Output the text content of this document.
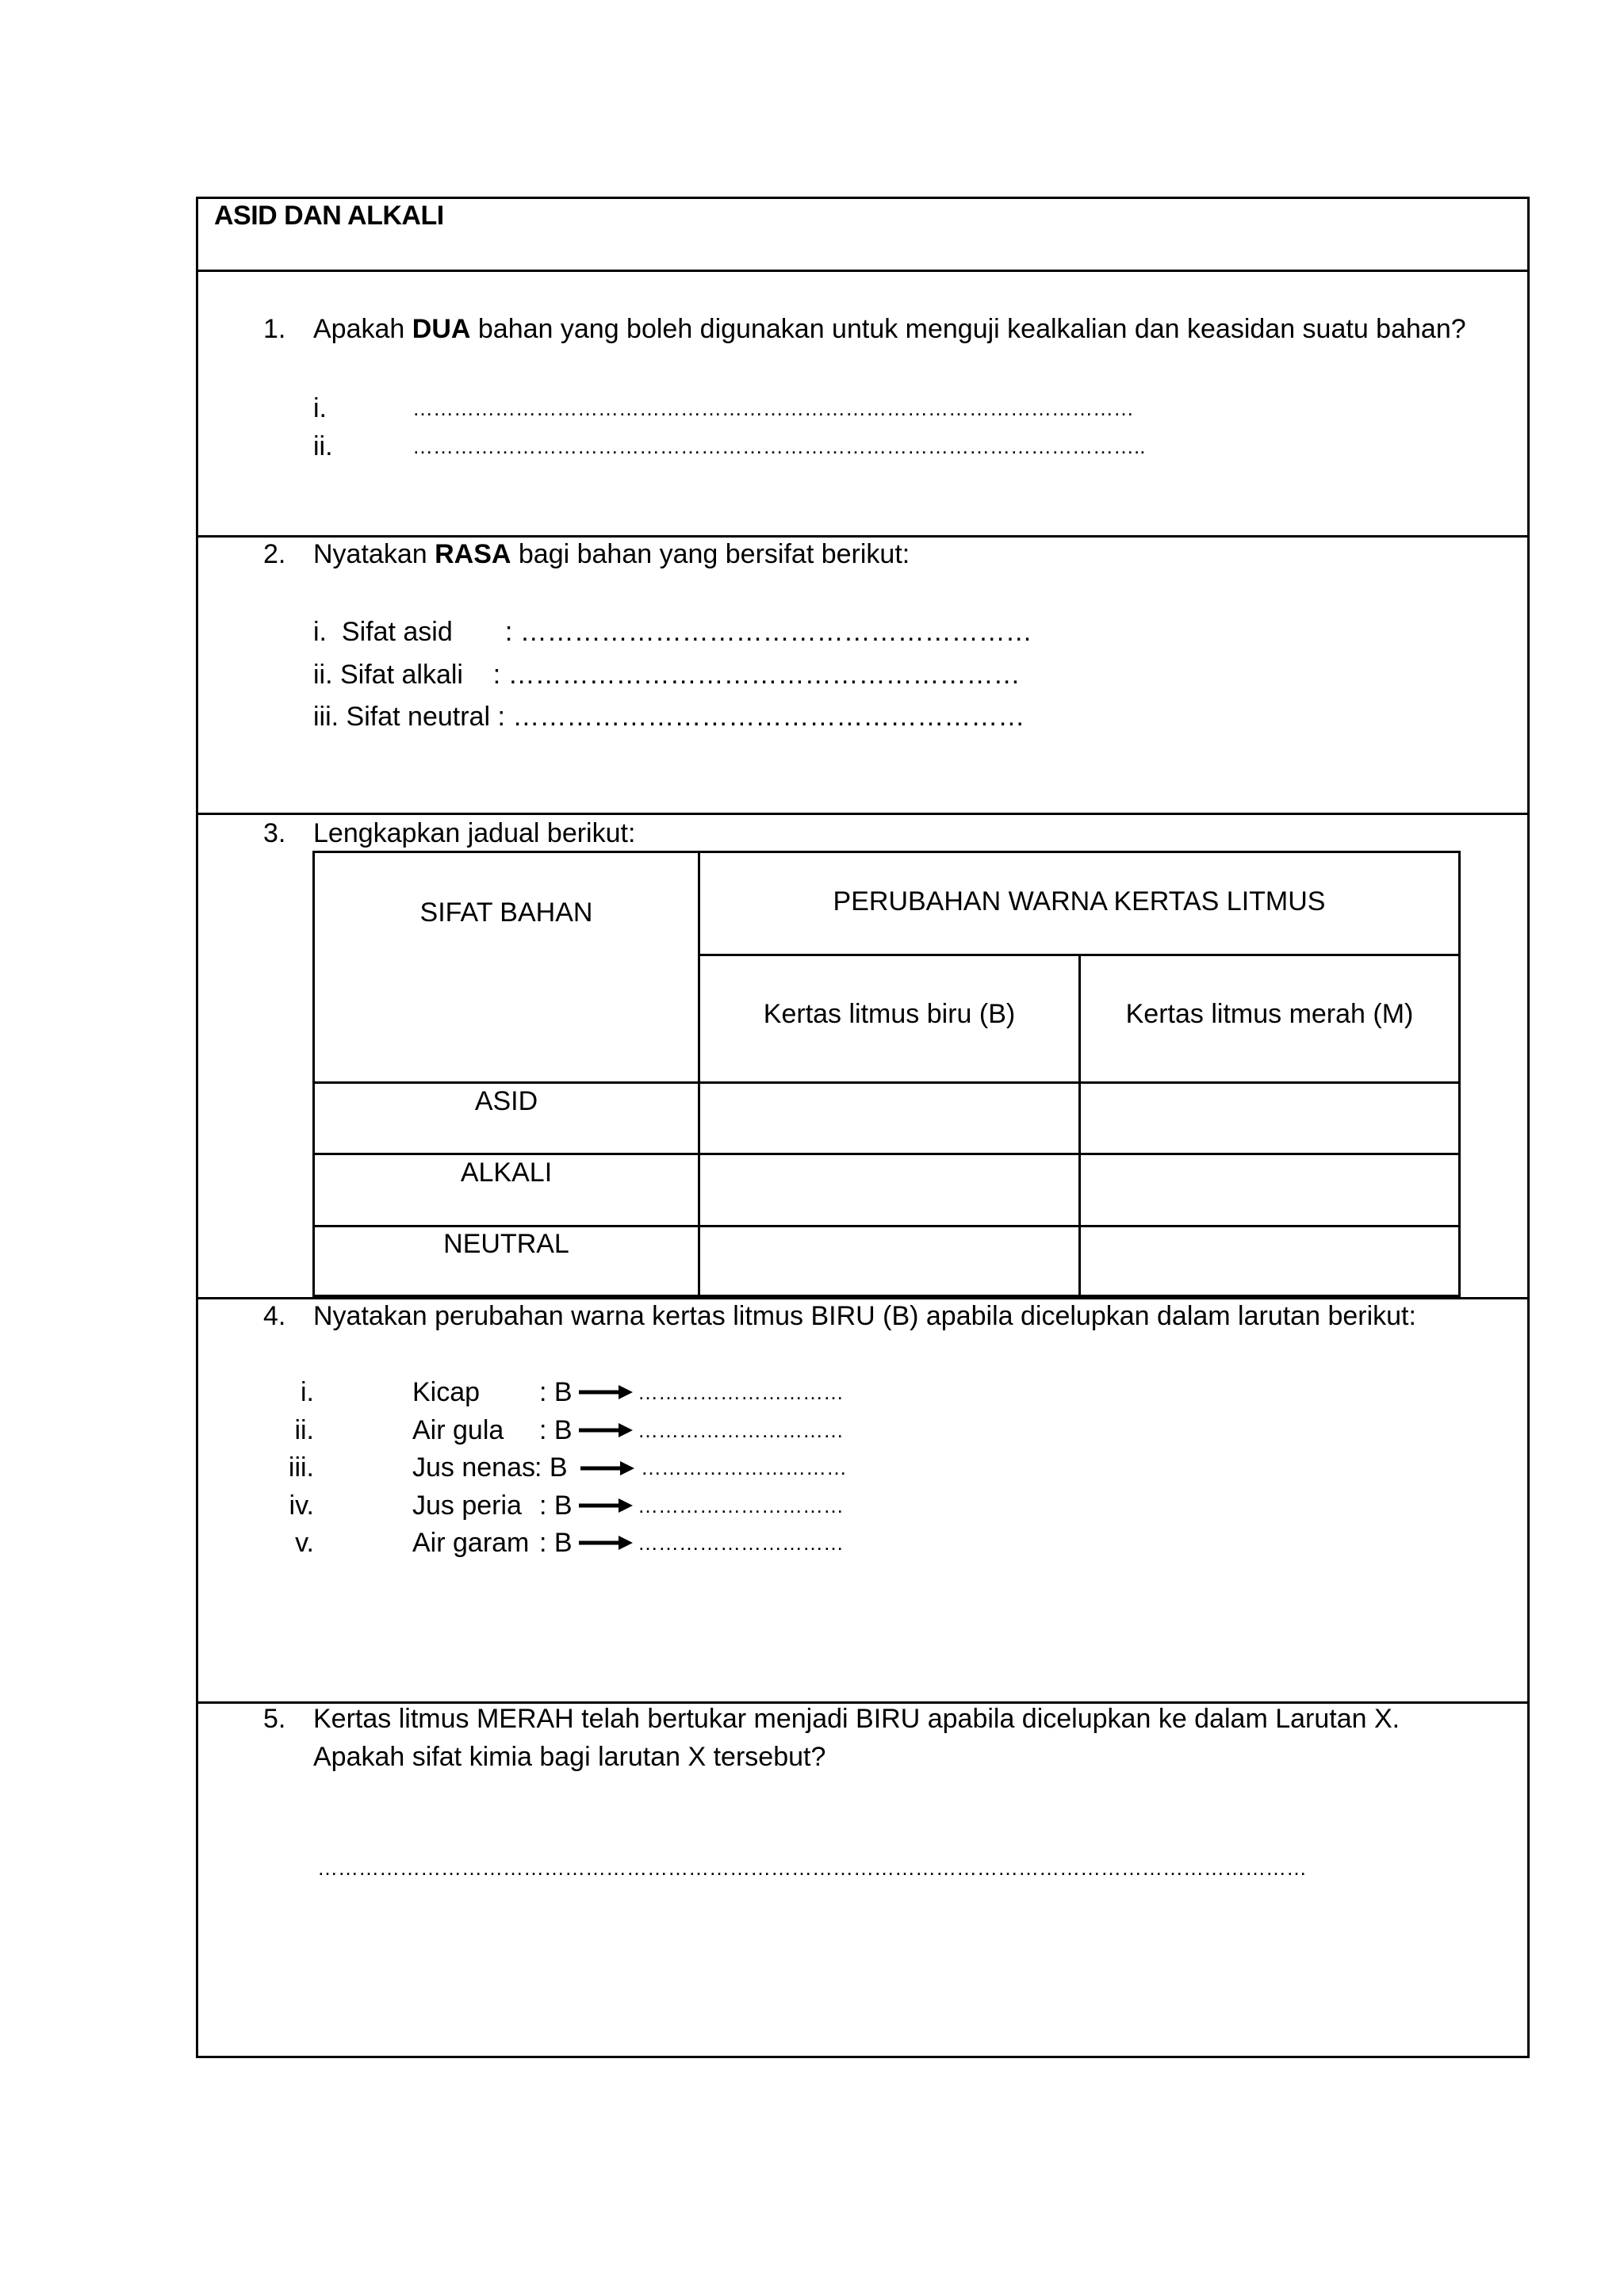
ASID DAN ALKALI
1. Apakah DUA bahan yang boleh digunakan untuk menguji kealkalian dan keasidan suatu bahan?
i.	……………………………………………………………………………………………
ii.	……………………………………………………………………………………………..
2. Nyatakan RASA bagi bahan yang bersifat berikut:
i.  Sifat asid       : …………………………………………………
ii. Sifat alkali    : …………………………………………………
iii. Sifat neutral : …………………………………………………
3. Lengkapkan jadual berikut:
SIFAT BAHAN	PERUBAHAN WARNA KERTAS LITMUS
Kertas litmus biru (B)	Kertas litmus merah (M)
ASID
ALKALI
NEUTRAL
4. Nyatakan perubahan warna kertas litmus BIRU (B) apabila dicelupkan dalam larutan berikut:
i.	Kicap : B	…………………………
ii.	Air gula : B	…………………………
iii.	Jus nenas : B	…………………………
iv.	Jus peria : B	…………………………
v.	Air garam : B	…………………………
5. Kertas litmus MERAH telah bertukar menjadi BIRU apabila dicelupkan ke dalam Larutan X.
Apakah sifat kimia bagi larutan X tersebut?
………………………………………………………………………………………………………………………………
